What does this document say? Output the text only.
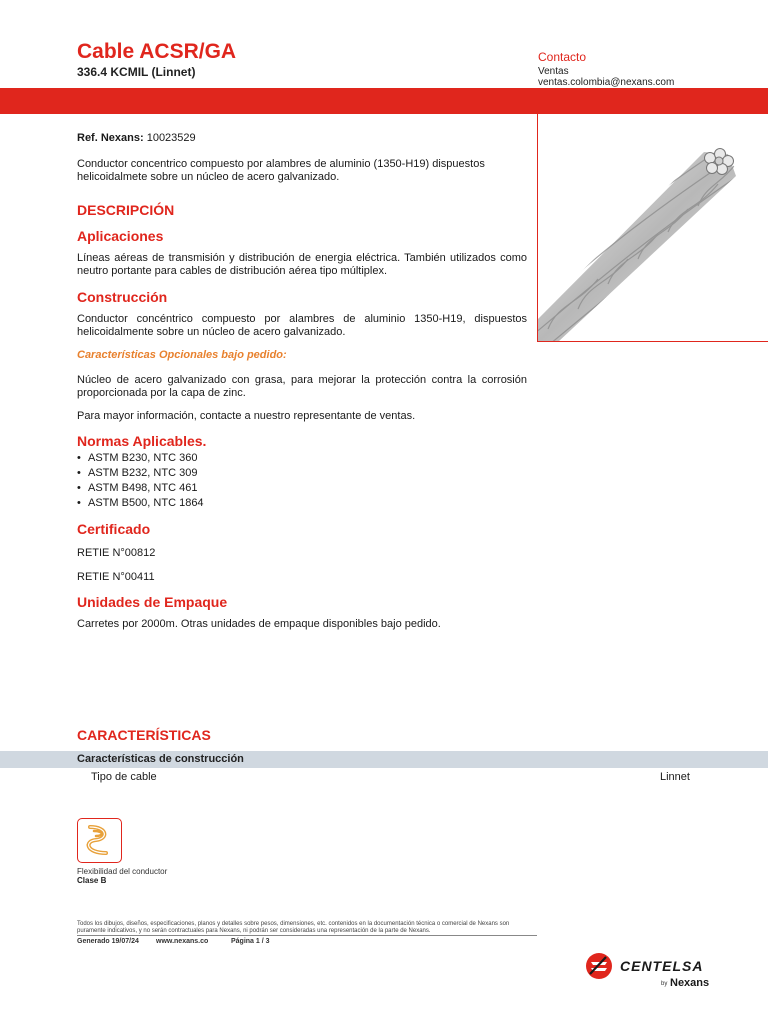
Cable ACSR/GA
336.4 KCMIL (Linnet)
Contacto
Ventas
ventas.colombia@nexans.com

Ref. Nexans: 10023529

Conductor concentrico compuesto por alambres de aluminio (1350-H19) dispuestos helicoidalmete sobre un núcleo de acero galvanizado.

DESCRIPCIÓN

Aplicaciones

Líneas aéreas de transmisión y distribución de energia eléctrica. También utilizados como neutro portante para cables de distribución aérea tipo múltiplex.

Construcción

Conductor concéntrico compuesto por alambres de aluminio 1350-H19, dispuestos helicoidalmente sobre un núcleo de acero galvanizado.

Características Opcionales bajo pedido:

Núcleo de acero galvanizado con grasa, para mejorar la protección contra la corrosión proporcionada por la capa de zinc.

Para mayor información, contacte a nuestro representante de ventas.

Normas Aplicables.

• ASTM B230, NTC 360
• ASTM B232, NTC 309
• ASTM B498, NTC 461
• ASTM B500, NTC 1864

Certificado

RETIE N°00812

RETIE N°00411

Unidades de Empaque

Carretes por 2000m. Otras unidades de empaque disponibles bajo pedido.

CARACTERÍSTICAS
Características de construcción
Tipo de cable	Linnet
Flexibilidad del conductor
Clase B
Todos los dibujos, diseños, especificaciones, planos y detalles sobre pesos, dimensiones, etc. contenidos en la documentación técnica o comercial de Nexans son puramente indicativos, y no serán contractuales para Nexans, ni podrán ser consideradas una representación de la parte de Nexans.
Generado 19/07/24 www.nexans.co	Página 1 / 3
CENTELSA
by Nexans
